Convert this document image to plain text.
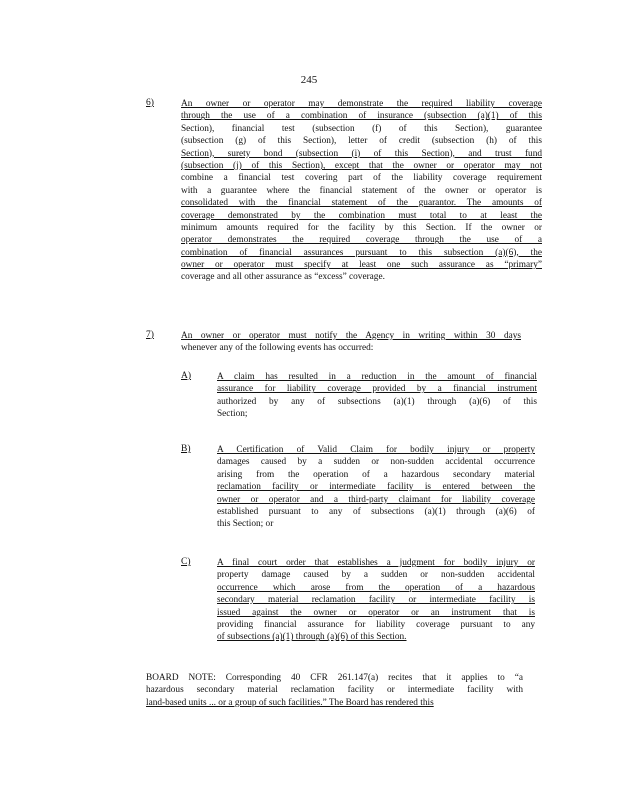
245
6)	An owner or operator may demonstrate the required liability coverage
through the use of a combination of insurance (subsection (a)(1) of this
Section), financial test (subsection (f) of this Section), guarantee
(subsection (g) of this Section), letter of credit (subsection (h) of this
Section), surety bond (subsection (i) of this Section), and trust fund
(subsection (j) of this Section), except that the owner or operator may not
combine a financial test covering part of the liability coverage requirement
with a guarantee where the financial statement of the owner or operator is
consolidated with the financial statement of the guarantor. The amounts of
coverage demonstrated by the combination must total to at least the
minimum amounts required for the facility by this Section. If the owner or
operator demonstrates the required coverage through the use of a
combination of financial assurances pursuant to this subsection (a)(6), the
owner or operator must specify at least one such assurance as “primary”
coverage and all other assurance as “excess” coverage.
7)	An owner or operator must notify the Agency in writing within 30 days
whenever any of the following events has occurred:
A)	A claim has resulted in a reduction in the amount of financial
assurance for liability coverage provided by a financial instrument
authorized by any of subsections (a)(1) through (a)(6) of this
Section;
B)	A Certification of Valid Claim for bodily injury or property
damages caused by a sudden or non-sudden accidental occurrence
arising from the operation of a hazardous secondary material
reclamation facility or intermediate facility is entered between the
owner or operator and a third-party claimant for liability coverage
established pursuant to any of subsections (a)(1) through (a)(6) of
this Section; or
C)	A final court order that establishes a judgment for bodily injury or
property damage caused by a sudden or non-sudden accidental
occurrence which arose from the operation of a hazardous
secondary material reclamation facility or intermediate facility is
issued against the owner or operator or an instrument that is
providing financial assurance for liability coverage pursuant to any
of subsections (a)(1) through (a)(6) of this Section.
BOARD NOTE: Corresponding 40 CFR 261.147(a) recites that it applies to “a
hazardous secondary material reclamation facility or intermediate facility with
land-based units ... or a group of such facilities.” The Board has rendered this
